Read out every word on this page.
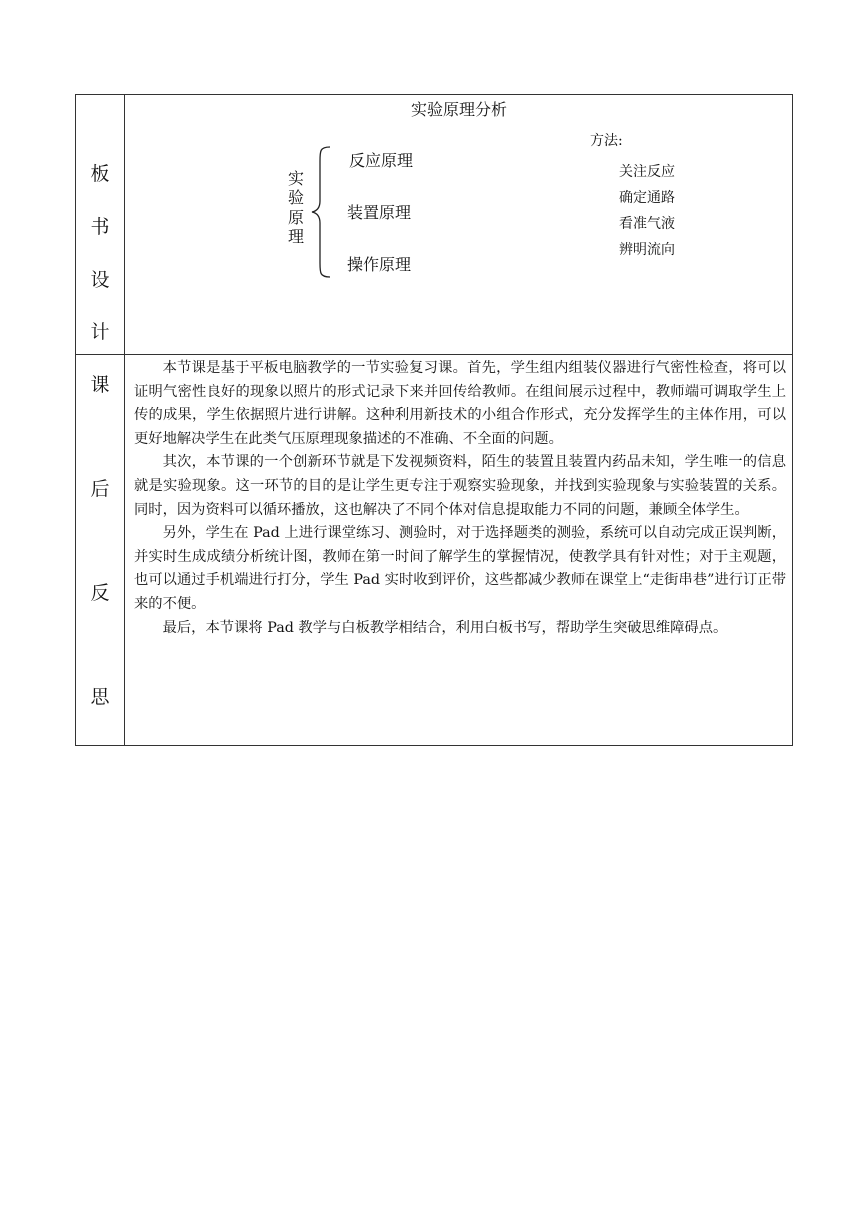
板
书
设
计
实验原理分析
实
验
原
理
反应原理
装置原理
操作原理
方法:
关注反应
确定通路
看准气液
辨明流向
课
后
反
思

本节课是基于平板电脑教学的一节实验复习课。首先，学生组内组装仪器进行气密性检查，将可以证明气密性良好的现象以照片的形式记录下来并回传给教师。在组间展示过程中，教师端可调取学生上传的成果，学生依据照片进行讲解。这种利用新技术的小组合作形式，充分发挥学生的主体作用，可以更好地解决学生在此类气压原理现象描述的不准确、不全面的问题。

其次，本节课的一个创新环节就是下发视频资料，陌生的装置且装置内药品未知，学生唯一的信息就是实验现象。这一环节的目的是让学生更专注于观察实验现象，并找到实验现象与实验装置的关系。同时，因为资料可以循环播放，这也解决了不同个体对信息提取能力不同的问题，兼顾全体学生。

另外，学生在 Pad 上进行课堂练习、测验时，对于选择题类的测验，系统可以自动完成正误判断，并实时生成成绩分析统计图，教师在第一时间了解学生的掌握情况，使教学具有针对性；对于主观题，也可以通过手机端进行打分，学生 Pad 实时收到评价，这些都减少教师在课堂上“走街串巷”进行订正带来的不便。

最后，本节课将 Pad 教学与白板教学相结合，利用白板书写，帮助学生突破思维障碍点。
